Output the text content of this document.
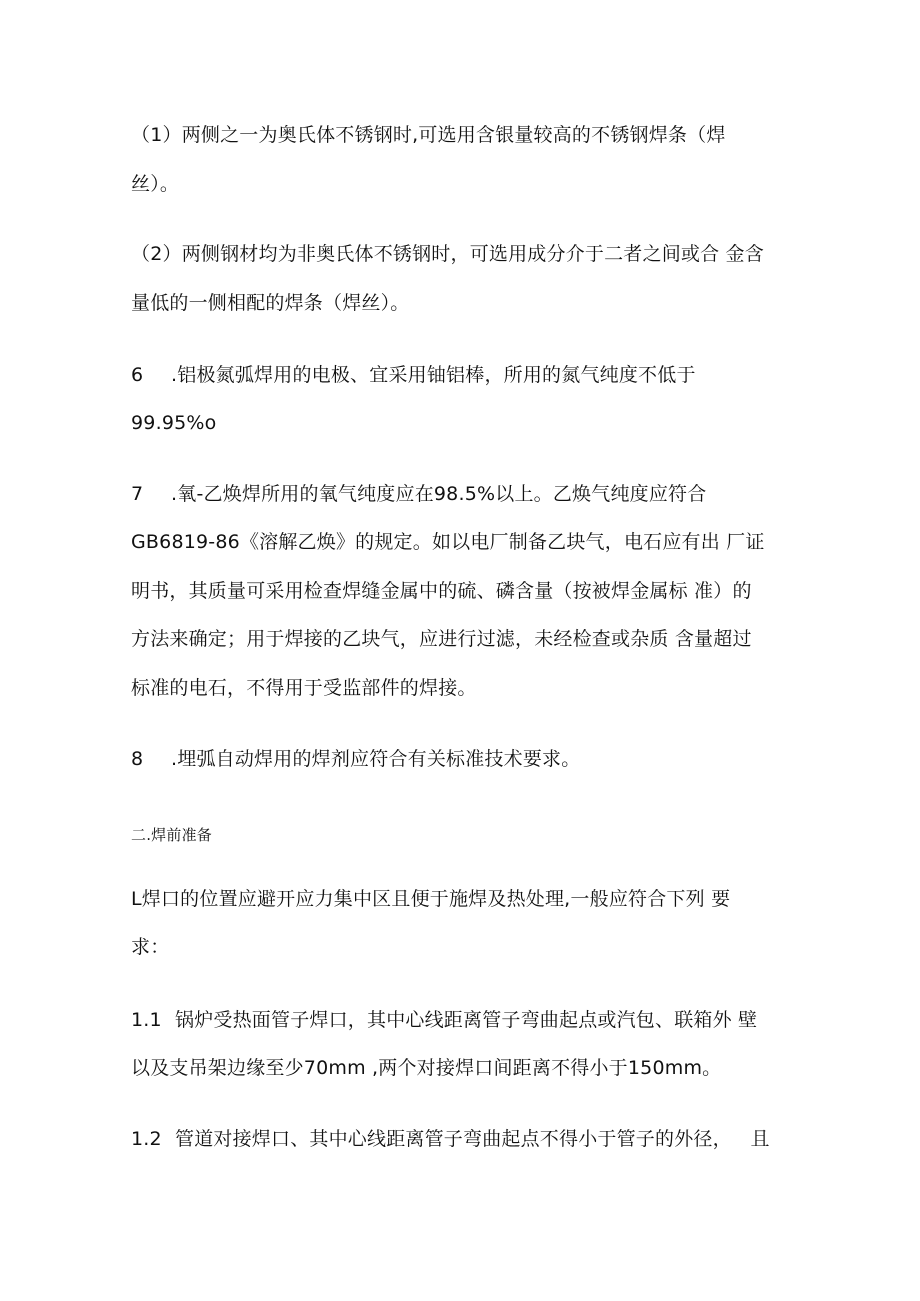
（1）两侧之一为奥氏体不锈钢时,可选用含银量较高的不锈钢焊条（焊
丝）。
（2）两侧钢材均为非奥氏体不锈钢时，可选用成分介于二者之间或合 金含
量低的一侧相配的焊条（焊丝）。
6 .铝极氮弧焊用的电极、宜采用铀铝棒，所用的氮气纯度不低于
99.95%o
7 .氧-乙焕焊所用的氧气纯度应在98.5%以上。乙焕气纯度应符合
GB6819-86《溶解乙焕》的规定。如以电厂制备乙块气，电石应有出 厂证
明书，其质量可采用检查焊缝金属中的硫、磷含量（按被焊金属标 准）的
方法来确定；用于焊接的乙块气，应进行过滤，未经检查或杂质 含量超过
标准的电石，不得用于受监部件的焊接。
8 .埋弧自动焊用的焊剂应符合有关标准技术要求。
二.焊前准备
L焊口的位置应避开应力集中区且便于施焊及热处理,一般应符合下列 要
求：
1.1 锅炉受热面管子焊口，其中心线距离管子弯曲起点或汽包、联箱外 壁
以及支吊架边缘至少70mm ,两个对接焊口间距离不得小于150mm。
1.2 管道对接焊口、其中心线距离管子弯曲起点不得小于管子的外径，   且
